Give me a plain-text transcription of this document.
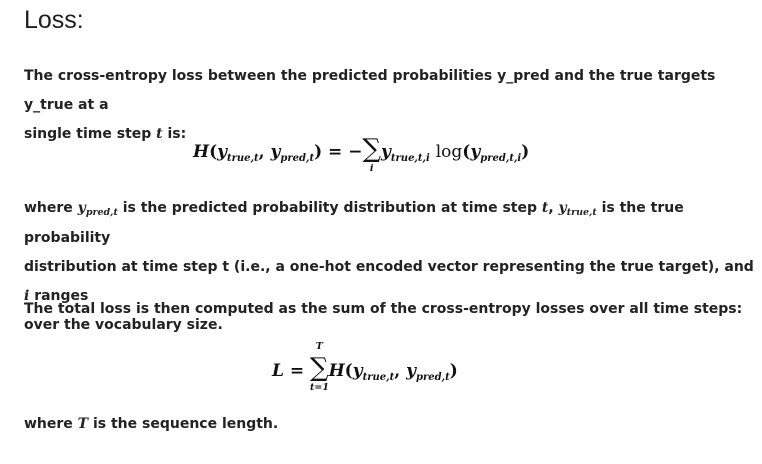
Loss:

The cross-entropy loss between the predicted probabilities y_pred and the true targets y_true at a
single time step t is:

$H(y_{true,t}$, $y_{pred,t}$) = −∑
i
$y_{true,t,i}$ $\log(y_{pred,t,i})$

where $y_{pred,t}$ is the predicted probability distribution at time step t, $y_{true,t}$ is the true probability
distribution at time step t (i.e., a one-hot encoded vector representing the true target), and i ranges
over the vocabulary size.

The total loss is then computed as the sum of the cross-entropy losses over all time steps:

L =
T
∑
t=1
$H(y_{true,t}$, $y_{pred,t}$)

where T is the sequence length.
